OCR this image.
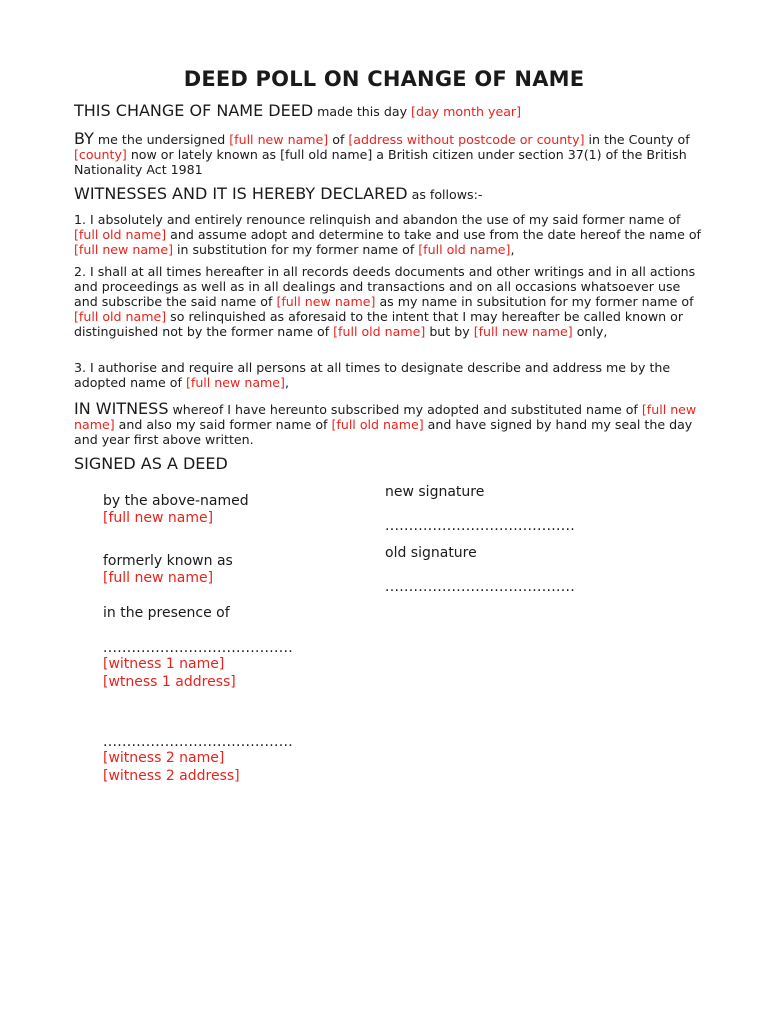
DEED POLL ON CHANGE OF NAME
THIS CHANGE OF NAME DEED made this day [day month year]
BY me the undersigned [full new name] of [address without postcode or county] in the County of [county] now or lately known as [full old name] a British citizen under section 37(1) of the British Nationality Act 1981
WITNESSES AND IT IS HEREBY DECLARED as follows:-
1. I absolutely and entirely renounce relinquish and abandon the use of my said former name of [full old name] and assume adopt and determine to take and use from the date hereof the name of [full new name] in substitution for my former name of [full old name],
2. I shall at all times hereafter in all records deeds documents and other writings and in all actions and proceedings as well as in all dealings and transactions and on all occasions whatsoever use and subscribe the said name of [full new name] as my name in subsitution for my former name of [full old name] so relinquished as aforesaid to the intent that I may hereafter be called known or distinguished not by the former name of [full old name] but by [full new name] only,
3. I authorise and require all persons at all times to designate describe and address me by the adopted name of [full new name],
IN WITNESS whereof I have hereunto subscribed my adopted and substituted name of [full new name] and also my said former name of [full old name] and have signed by hand my seal the day and year first above written.
SIGNED AS A DEED
by the above-named
[full new name]
formerly known as
[full new name]
in the presence of
........................................
[witness 1 name]
[wtness 1 address]
........................................
[witness 2 name]
[witness 2 address]
new signature
........................................
old signature
........................................
